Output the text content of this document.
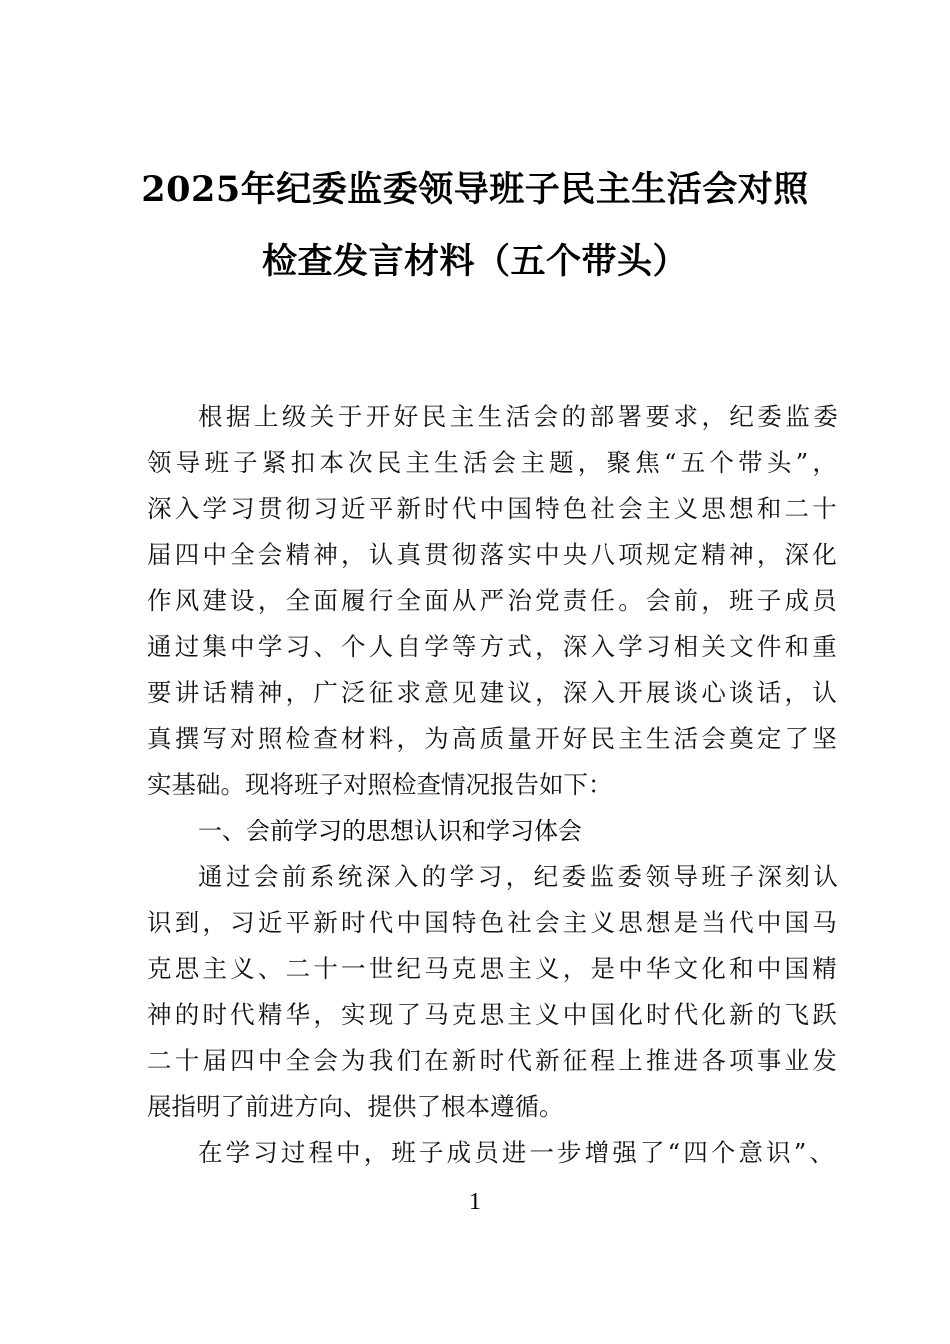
2025年纪委监委领导班子民主生活会对照
检查发言材料（五个带头）
根 据 上 级 关 于 开 好 民 主 生 活 会 的 部 署 要 求 ， 纪 委 监 委
领 导 班 子 紧 扣 本 次 民 主 生 活 会 主 题 ， 聚 焦 “ 五 个 带 头 ” ，
深 入 学 习 贯 彻 习 近 平 新 时 代 中 国 特 色 社 会 主 义 思 想 和 二 十
届 四 中 全 会 精 神 ， 认 真 贯 彻 落 实 中 央 八 项 规 定 精 神 ， 深 化
作 风 建 设 ， 全 面 履 行 全 面 从 严 治 党 责 任 。 会 前 ， 班 子 成 员
通 过 集 中 学 习 、 个 人 自 学 等 方 式 ， 深 入 学 习 相 关 文 件 和 重
要 讲 话 精 神 ， 广 泛 征 求 意 见 建 议 ， 深 入 开 展 谈 心 谈 话 ， 认
真 撰 写 对 照 检 查 材 料 ， 为 高 质 量 开 好 民 主 生 活 会 奠 定 了 坚
实基础。现将班子对照检查情况报告如下：
一、会前学习的思想认识和学习体会
通 过 会 前 系 统 深 入 的 学 习 ， 纪 委 监 委 领 导 班 子 深 刻 认
识 到 ， 习 近 平 新 时 代 中 国 特 色 社 会 主 义 思 想 是 当 代 中 国 马
克 思 主 义 、 二 十 一 世 纪 马 克 思 主 义 ， 是 中 华 文 化 和 中 国 精
神 的 时 代 精 华 ， 实 现 了 马 克 思 主 义 中 国 化 时 代 化 新 的 飞 跃
二 十 届 四 中 全 会 为 我 们 在 新 时 代 新 征 程 上 推 进 各 项 事 业 发
展指明了前进方向、提供了根本遵循。
在 学 习 过 程 中 ， 班 子 成 员 进 一 步 增 强 了 “ 四 个 意 识 ” 、
1
